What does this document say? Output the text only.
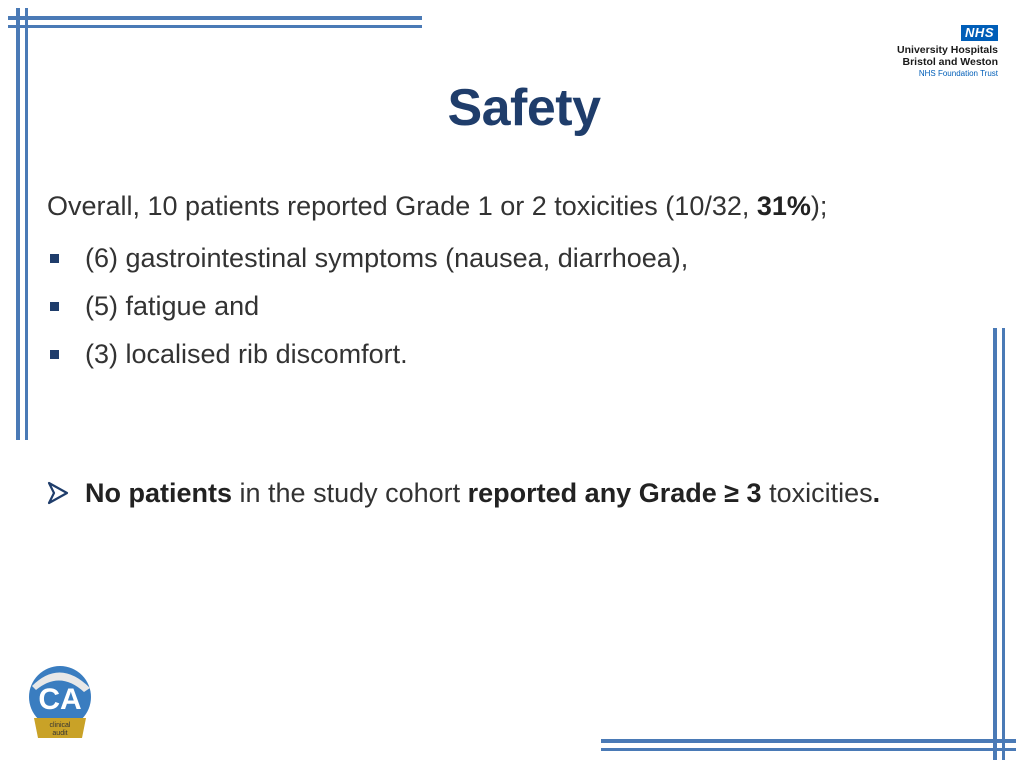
NHS
University Hospitals
Bristol and Weston
NHS Foundation Trust
Safety
Overall, 10 patients reported Grade 1 or 2 toxicities (10/32, 31%);
(6) gastrointestinal symptoms (nausea, diarrhoea),
(5) fatigue and
(3) localised rib discomfort.
No patients in the study cohort reported any Grade ≥ 3 toxicities.
CA
clinical
audit
